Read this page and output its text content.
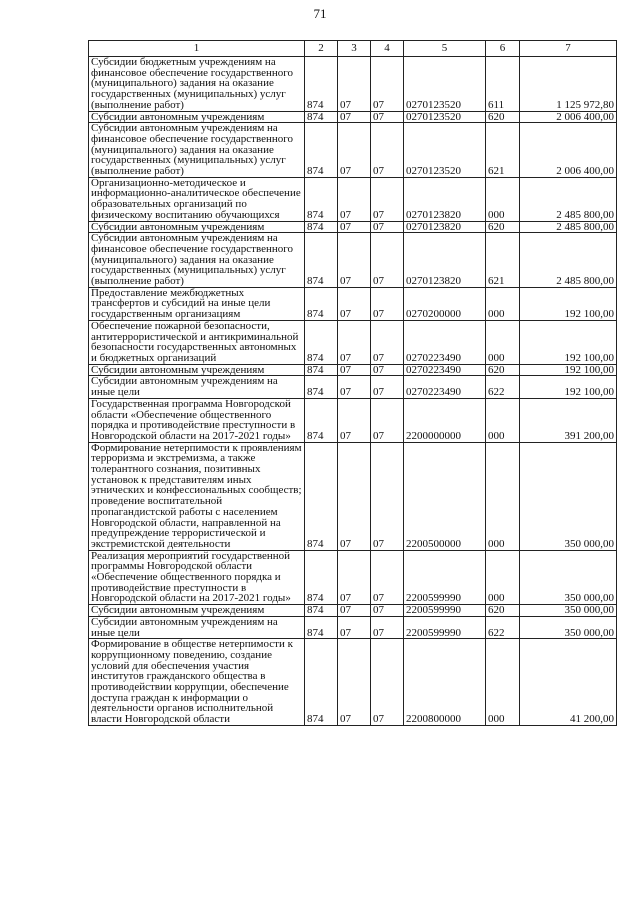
71
1	2	3	4	5	6	7
Субсидии бюджетным учреждениям на финансовое обеспечение государственного (муниципального) задания на оказание государственных (муниципальных) услуг (выполнение работ)	874	07	07	0270123520	611	1 125 972,80
Субсидии автономным учреждениям	874	07	07	0270123520	620	2 006 400,00
Субсидии автономным учреждениям на финансовое обеспечение государственного (муниципального) задания на оказание государственных (муниципальных) услуг (выполнение работ)	874	07	07	0270123520	621	2 006 400,00
Организационно-методическое и информационно-аналитическое обеспечение образовательных организаций по физическому воспитанию обучающихся	874	07	07	0270123820	000	2 485 800,00
Субсидии автономным учреждениям	874	07	07	0270123820	620	2 485 800,00
Субсидии автономным учреждениям на финансовое обеспечение государственного (муниципального) задания на оказание государственных (муниципальных) услуг (выполнение работ)	874	07	07	0270123820	621	2 485 800,00
Предоставление межбюджетных трансфертов и субсидий на иные цели государственным организациям	874	07	07	0270200000	000	192 100,00
Обеспечение пожарной безопасности, антитеррористической и антикриминальной безопасности государственных автономных и бюджетных организаций	874	07	07	0270223490	000	192 100,00
Субсидии автономным учреждениям	874	07	07	0270223490	620	192 100,00
Субсидии автономным учреждениям на иные цели	874	07	07	0270223490	622	192 100,00
Государственная программа Новгородской области «Обеспечение общественного порядка и противодействие преступности в Новгородской области на 2017-2021 годы»	874	07	07	2200000000	000	391 200,00
Формирование нетерпимости к проявлениям терроризма и экстремизма, а также толерантного сознания, позитивных установок к представителям иных этнических и конфессиональных сообществ; проведение воспитательной пропагандистской работы с населением Новгородской области, направленной на предупреждение террористической и экстремистской деятельности	874	07	07	2200500000	000	350 000,00
Реализация мероприятий государственной программы Новгородской области «Обеспечение общественного порядка и противодействие преступности в Новгородской области на 2017-2021 годы»	874	07	07	2200599990	000	350 000,00
Субсидии автономным учреждениям	874	07	07	2200599990	620	350 000,00
Субсидии автономным учреждениям на иные цели	874	07	07	2200599990	622	350 000,00
Формирование в обществе нетерпимости к коррупционному поведению, создание условий для обеспечения участия институтов гражданского общества в противодействии коррупции, обеспечение доступа граждан к информации о деятельности органов исполнительной власти Новгородской области	874	07	07	2200800000	000	41 200,00
